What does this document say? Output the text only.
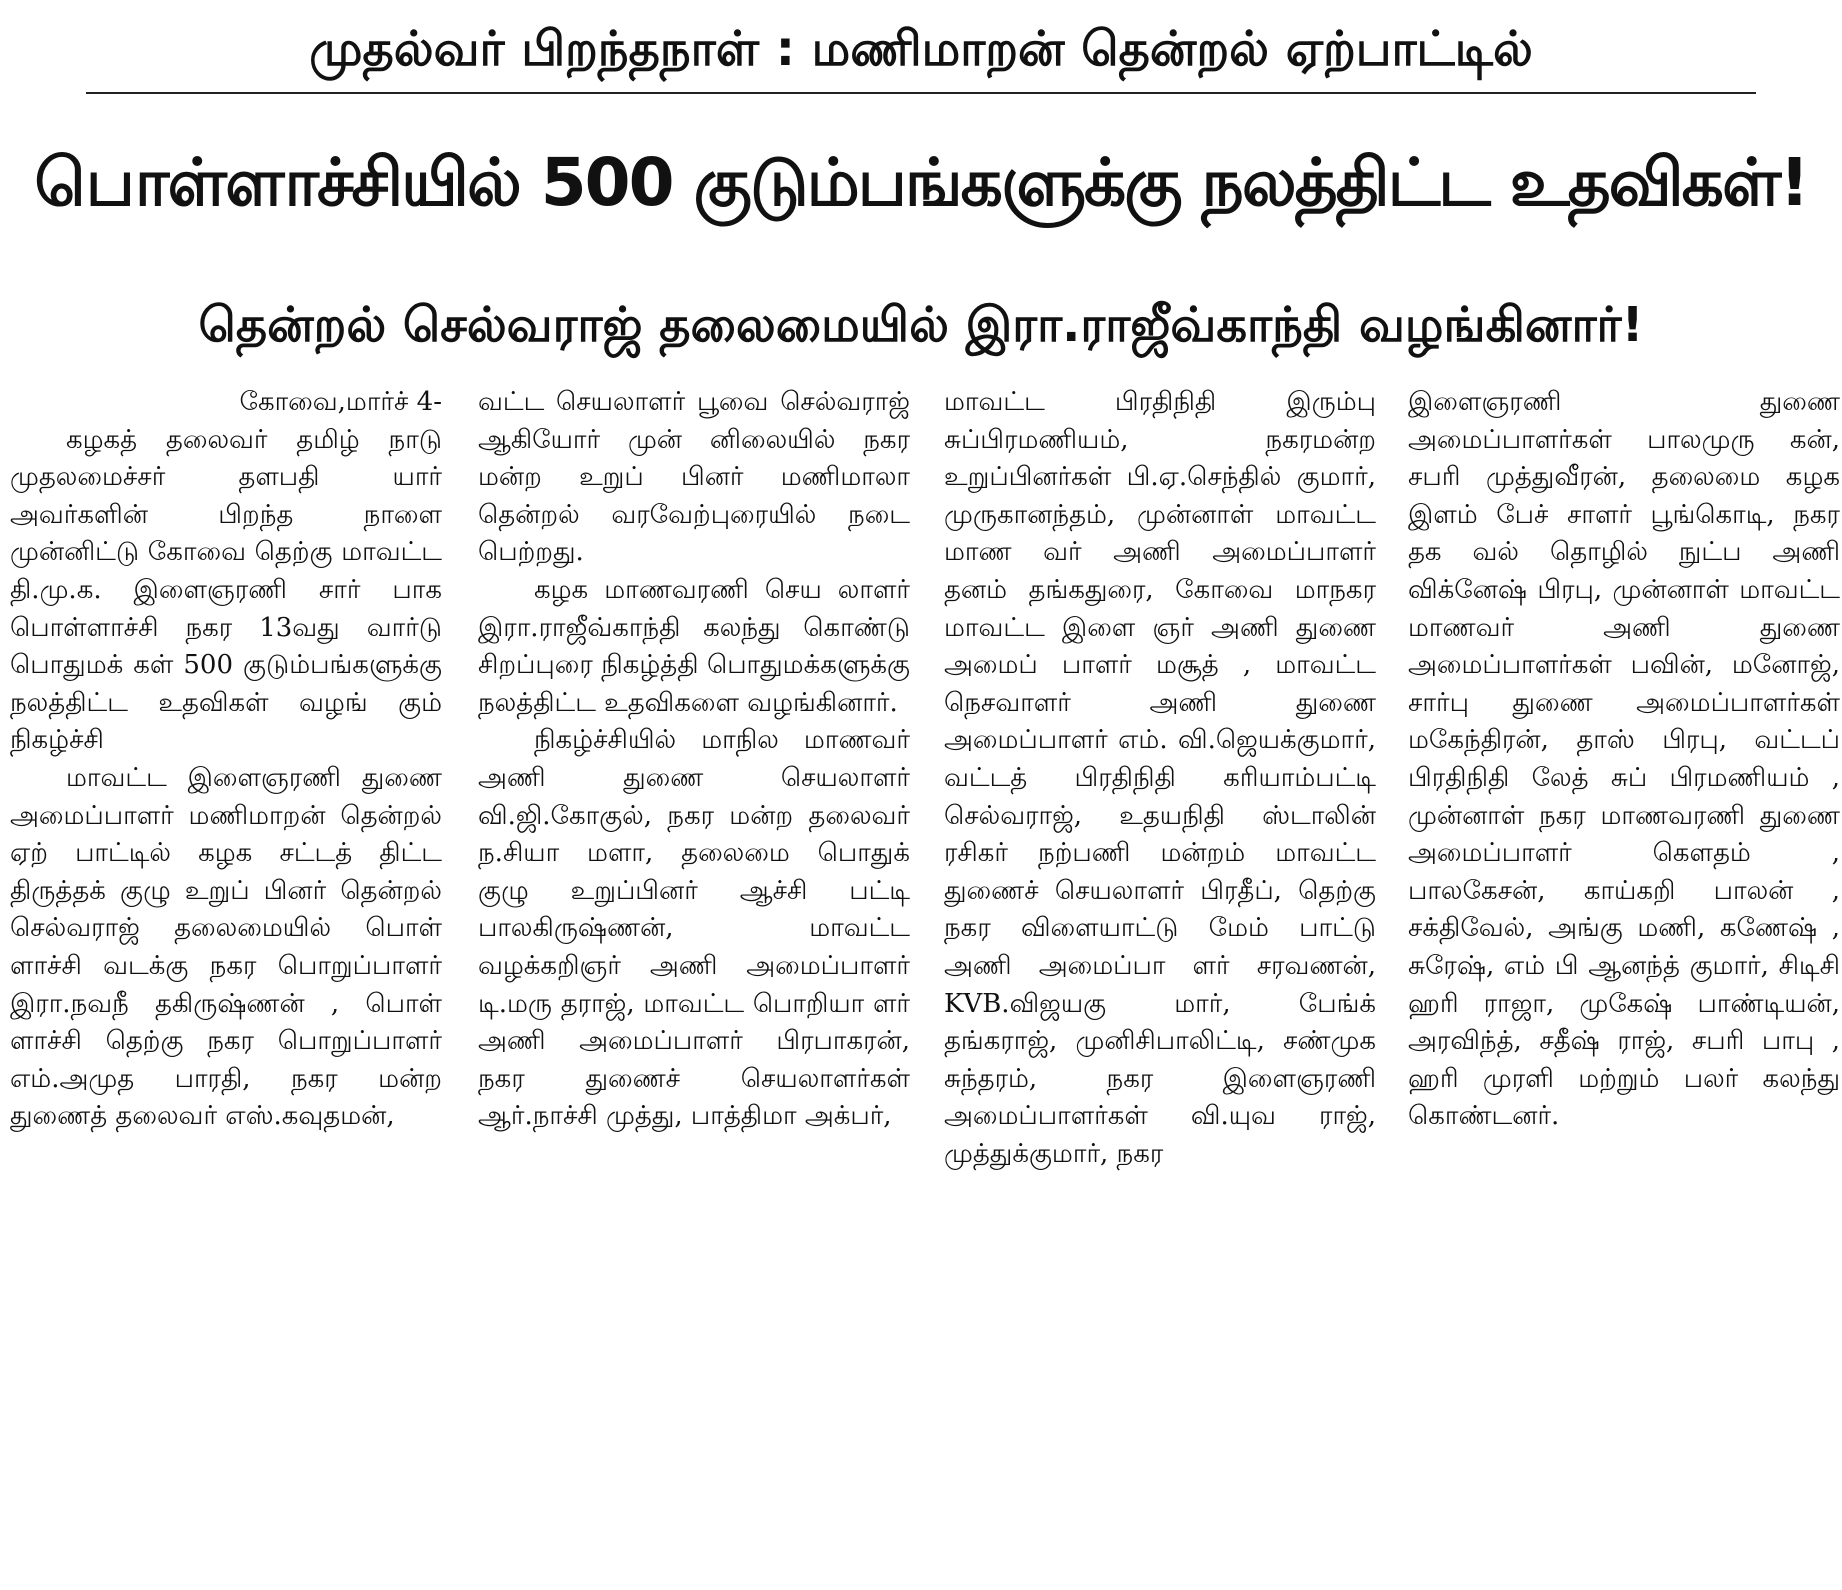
முதல்வர் பிறந்தநாள் : மணிமாறன் தென்றல் ஏற்பாட்டில்
பொள்ளாச்சியில் 500 குடும்பங்களுக்கு நலத்திட்ட உதவிகள்!
தென்றல் செல்வராஜ் தலைமையில் இரா.ராஜீவ்காந்தி வழங்கினார்!
கோவை,மார்ச் 4-

கழகத் தலைவர் தமிழ் நாடு முதலமைச்சர் தளபதி யார் அவர்களின் பிறந்த நாளை முன்னிட்டு கோவை தெற்கு மாவட்ட தி.மு.க. இளைஞரணி சார் பாக பொள்ளாச்சி நகர 13வது வார்டு பொதுமக் கள் 500 குடும்பங்களுக்கு நலத்திட்ட உதவிகள் வழங் கும் நிகழ்ச்சி

மாவட்ட இளைஞரணி துணை அமைப்பாளர் மணிமாறன் தென்றல் ஏற் பாட்டில் கழக சட்டத் திட்ட திருத்தக் குழு உறுப் பினர் தென்றல் செல்வராஜ் தலைமையில் பொள் ளாச்சி வடக்கு நகர பொறுப்பாளர் இரா.நவநீ தகிருஷ்ணன் , பொள் ளாச்சி தெற்கு நகர பொறுப்பாளர் எம்.அமுத பாரதி, நகர மன்ற துணைத் தலைவர் எஸ்.கவுதமன்,

வட்ட செயலாளர் பூவை செல்வராஜ் ஆகியோர் முன் னிலையில் நகர மன்ற உறுப் பினர் மணிமாலா தென்றல் வரவேற்புரையில் நடை பெற்றது.

கழக மாணவரணி செய லாளர் இரா.ராஜீவ்காந்தி கலந்து கொண்டு சிறப்புரை நிகழ்த்தி பொதுமக்களுக்கு நலத்திட்ட உதவிகளை வழங்கினார்.

நிகழ்ச்சியில் மாநில மாணவர் அணி துணை செயலாளர் வி.ஜி.கோகுல், நகர மன்ற தலைவர் ந.சியா மளா, தலைமை பொதுக் குழு உறுப்பினர் ஆச்சி பட்டி பாலகிருஷ்ணன், மாவட்ட வழக்கறிஞர் அணி அமைப்பாளர் டி.மரு தராஜ், மாவட்ட பொறியா ளர் அணி அமைப்பாளர் பிரபாகரன், நகர துணைச் செயலாளர்கள் ஆர்.நாச்சி முத்து, பாத்திமா அக்பர்,

மாவட்ட பிரதிநிதி இரும்பு சுப்பிரமணியம், நகரமன்ற உறுப்பினர்கள் பி.ஏ.செந்தில் குமார், முருகானந்தம், முன்னாள் மாவட்ட மாண வர் அணி அமைப்பாளர் தனம் தங்கதுரை, கோவை மாநகர மாவட்ட இளை ஞர் அணி துணை அமைப் பாளர் மசூத் , மாவட்ட நெசவாளர் அணி துணை அமைப்பாளர் எம். வி.ஜெயக்குமார், வட்டத் பிரதிநிதி கரியாம்பட்டி செல்வராஜ், உதயநிதி ஸ்டாலின் ரசிகர் நற்பணி மன்றம் மாவட்ட துணைச் செயலாளர் பிரதீப், தெற்கு நகர விளையாட்டு மேம் பாட்டு அணி அமைப்பா ளர் சரவணன், KVB.விஜயகு மார், பேங்க் தங்கராஜ், முனிசிபாலிட்டி, சண்முக சுந்தரம், நகர இளைஞரணி அமைப்பாளர்கள் வி.யுவ ராஜ், முத்துக்குமார், நகர

இளைஞரணி துணை அமைப்பாளர்கள் பாலமுரு கன், சபரி முத்துவீரன், தலைமை கழக இளம் பேச் சாளர் பூங்கொடி, நகர தக வல் தொழில் நுட்ப அணி விக்னேஷ் பிரபு, முன்னாள் மாவட்ட மாணவர் அணி துணை அமைப்பாளர்கள் பவின், மனோஜ், சார்பு துணை அமைப்பாளர்கள் மகேந்திரன், தாஸ் பிரபு, வட்டப் பிரதிநிதி லேத் சுப் பிரமணியம் , முன்னாள் நகர மாணவரணி துணை அமைப்பாளர் கௌதம் , பாலகேசன், காய்கறி பாலன் , சக்திவேல், அங்கு மணி, கணேஷ் , சுரேஷ், எம் பி ஆனந்த் குமார், சிடிசி ஹரி ராஜா, முகேஷ் பாண்டியன், அரவிந்த், சதீஷ் ராஜ், சபரி பாபு , ஹரி முரளி மற்றும் பலர் கலந்து கொண்டனர்.
